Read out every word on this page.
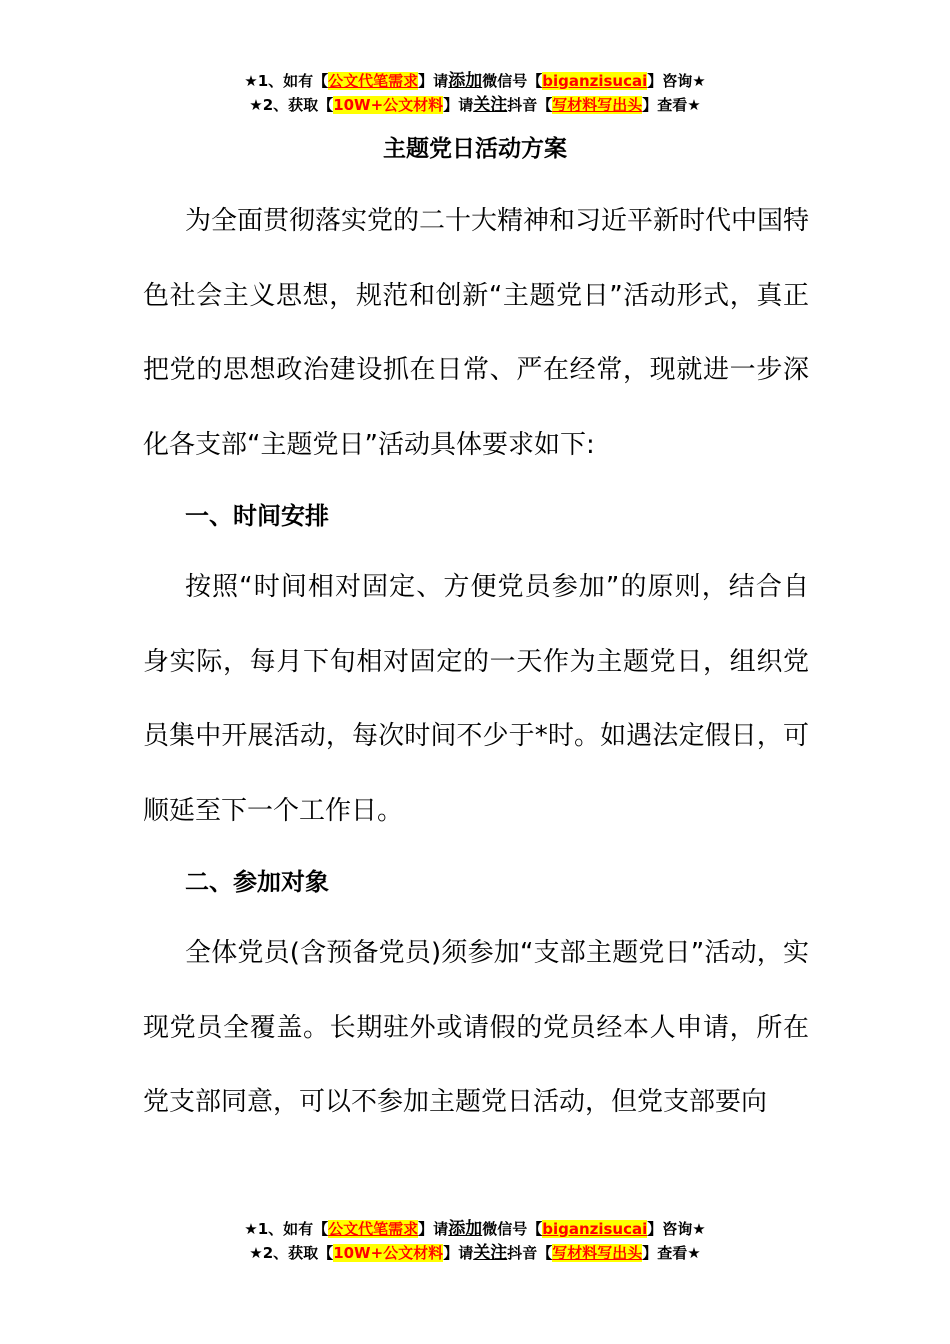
★1、如有【公文代笔需求】请添加微信号【biganzisucai】咨询★
★2、获取【10W+公文材料】请关注抖音【写材料写出头】查看★
主题党日活动方案

为全面贯彻落实党的二十大精神和习近平新时代中国特色社会主义思想，规范和创新“主题党日”活动形式，真正把党的思想政治建设抓在日常、严在经常，现就进一步深化各支部“主题党日”活动具体要求如下:

一、时间安排

按照“时间相对固定、方便党员参加”的原则，结合自身实际，每月下旬相对固定的一天作为主题党日，组织党员集中开展活动，每次时间不少于*时。如遇法定假日，可顺延至下一个工作日。

二、参加对象

全体党员(含预备党员)须参加“支部主题党日”活动，实现党员全覆盖。长期驻外或请假的党员经本人申请，所在党支部同意，可以不参加主题党日活动，但党支部要向

★1、如有【公文代笔需求】请添加微信号【biganzisucai】咨询★
★2、获取【10W+公文材料】请关注抖音【写材料写出头】查看★
